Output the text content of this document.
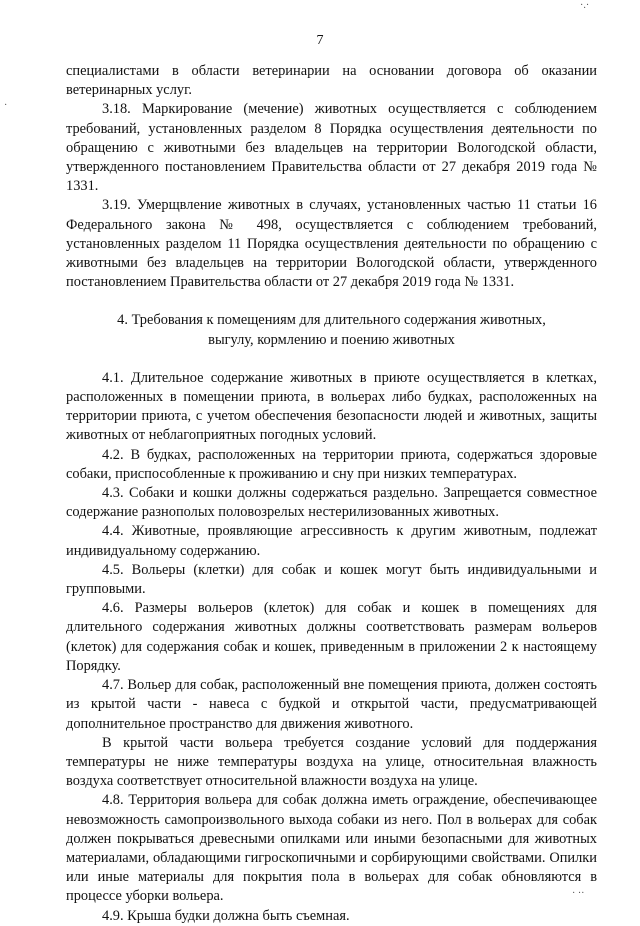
7

специалистами в области ветеринарии на основании договора об оказании ветеринарных услуг.

3.18. Маркирование (мечение) животных осуществляется с соблюдением требований, установленных разделом 8 Порядка осуществления деятельности по обращению с животными без владельцев на территории Вологодской области, утвержденного постановлением Правительства области от 27 декабря 2019 года № 1331.

3.19. Умерщвление животных в случаях, установленных частью 11 статьи 16 Федерального закона № 498, осуществляется с соблюдением требований, установленных разделом 11 Порядка осуществления деятельности по обращению с животными без владельцев на территории Вологодской области, утвержденного постановлением Правительства области от 27 декабря 2019 года № 1331.

4. Требования к помещениям для длительного содержания животных,
выгулу, кормлению и поению животных

4.1. Длительное содержание животных в приюте осуществляется в клетках, расположенных в помещении приюта, в вольерах либо будках, расположенных на территории приюта, с учетом обеспечения безопасности людей и животных, защиты животных от неблагоприятных погодных условий.

4.2. В будках, расположенных на территории приюта, содержаться здоровые собаки, приспособленные к проживанию и сну при низких температурах.

4.3. Собаки и кошки должны содержаться раздельно. Запрещается совместное содержание разнополых половозрелых нестерилизованных животных.

4.4. Животные, проявляющие агрессивность к другим животным, подлежат индивидуальному содержанию.

4.5. Вольеры (клетки) для собак и кошек могут быть индивидуальными и групповыми.

4.6. Размеры вольеров (клеток) для собак и кошек в помещениях для длительного содержания животных должны соответствовать размерам вольеров (клеток) для содержания собак и кошек, приведенным в приложении 2 к настоящему Порядку.

4.7. Вольер для собак, расположенный вне помещения приюта, должен состоять из крытой части - навеса с будкой и открытой части, предусматривающей дополнительное пространство для движения животного.

В крытой части вольера требуется создание условий для поддержания температуры не ниже температуры воздуха на улице, относительная влажность воздуха соответствует относительной влажности воздуха на улице.

4.8. Территория вольера для собак должна иметь ограждение, обеспечивающее невозможность самопроизвольного выхода собаки из него. Пол в вольерах для собак должен покрываться древесными опилками или иными безопасными для животных материалами, обладающими гигроскопичными и сорбирующими свойствами. Опилки или иные материалы для покрытия пола в вольерах для собак обновляются в процессе уборки вольера.

4.9. Крыша будки должна быть съемная.

·
·.·
· ··
